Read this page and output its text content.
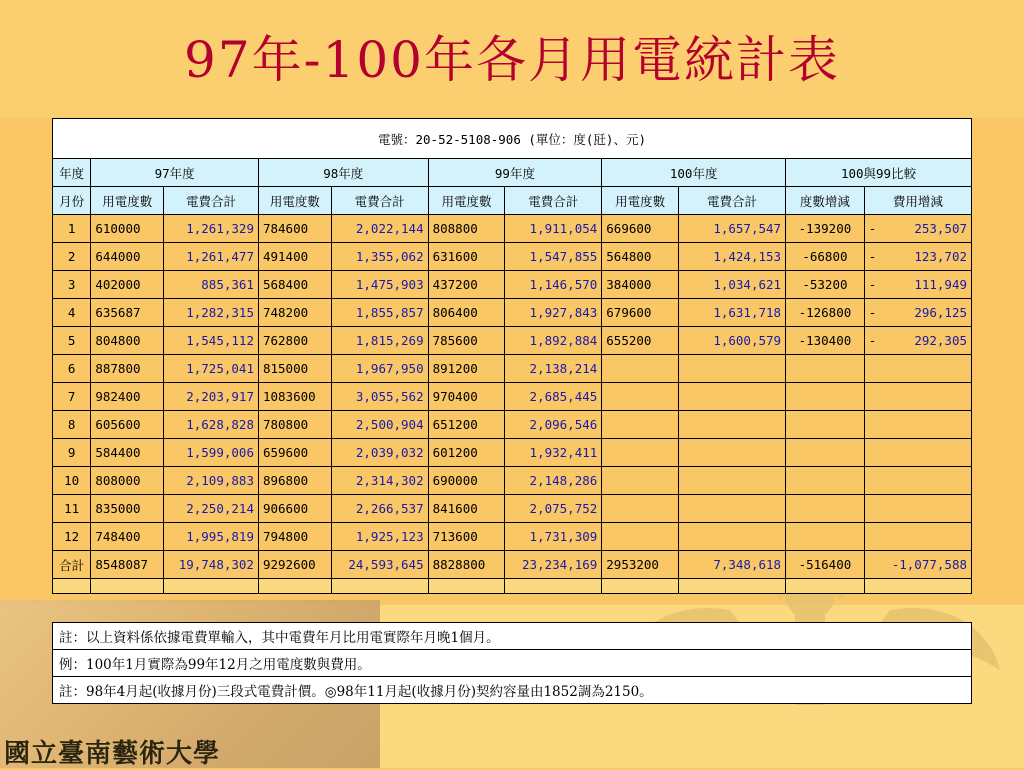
97年-100年各月用電統計表
電號：20-52-5108-906 (單位：度(瓩)、元)										
年度	97年度		98年度		99年度		100年度		100與99比較	
月份	用電度數	電費合計	用電度數	電費合計	用電度數	電費合計	用電度數	電費合計	度數增減	費用增減
1	610000	1,261,329	784600	2,022,144	808800	1,911,054	669600	1,657,547	-139200	- 253,507
2	644000	1,261,477	491400	1,355,062	631600	1,547,855	564800	1,424,153	-66800	- 123,702
3	402000	885,361	568400	1,475,903	437200	1,146,570	384000	1,034,621	-53200	- 111,949
4	635687	1,282,315	748200	1,855,857	806400	1,927,843	679600	1,631,718	-126800	- 296,125
5	804800	1,545,112	762800	1,815,269	785600	1,892,884	655200	1,600,579	-130400	- 292,305
6	887800	1,725,041	815000	1,967,950	891200	2,138,214				

7	982400	2,203,917	1083600	3,055,562	970400	2,685,445				

8	605600	1,628,828	780800	2,500,904	651200	2,096,546				

9	584400	1,599,006	659600	2,039,032	601200	1,932,411				

10	808000	2,109,883	896800	2,314,302	690000	2,148,286				

11	835000	2,250,214	906600	2,266,537	841600	2,075,752				

12	748400	1,995,819	794800	1,925,123	713600	1,731,309				

合計	8548087	19,748,302	9292600	24,593,645	8828800	23,234,169	2953200	7,348,618	-516400	-1,077,588

註：以上資料係依據電費單輸入，其中電費年月比用電實際年月晚1個月。
例：100年1月實際為99年12月之用電度數與費用。
註：98年4月起(收據月份)三段式電費計價。◎98年11月起(收據月份)契約容量由1852調為2150。
國立臺南藝術大學
